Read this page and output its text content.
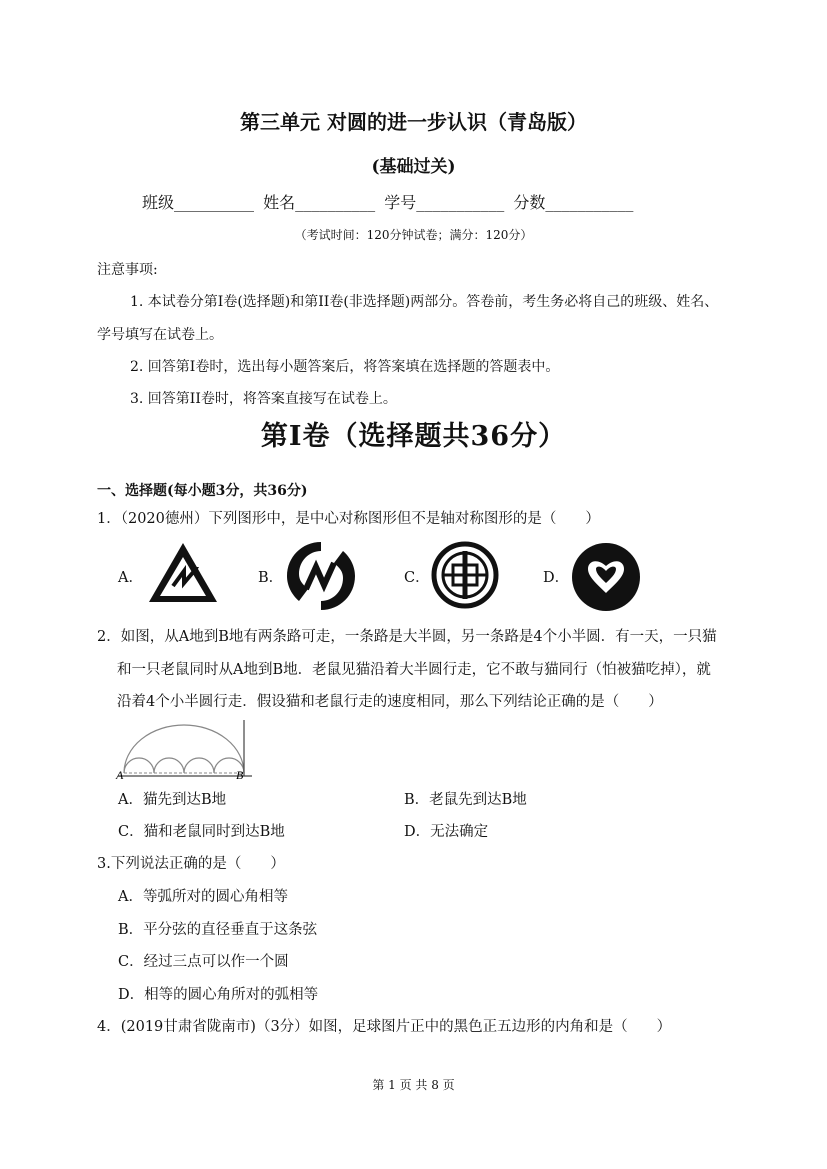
第三单元 对圆的进一步认识（青岛版）
(基础过关)
班级__________ 姓名__________ 学号___________ 分数___________
（考试时间：120分钟试卷；满分：120分）
注意事项:
1. 本试卷分第I卷(选择题)和第II卷(非选择题)两部分。答卷前，考生务必将自己的班级、姓名、
学号填写在试卷上。
2. 回答第I卷时，选出每小题答案后，将答案填在选择题的答题表中。
3. 回答第II卷时，将答案直接写在试卷上。
第I卷（选择题共36分）
一、选择题(每小题3分，共36分)
1．（2020德州）下列图形中，是中心对称图形但不是轴对称图形的是（　　）
A．	B．	C．	D．
2．如图，从A地到B地有两条路可走，一条路是大半圆，另一条路是4个小半圆．有一天，一只猫
和一只老鼠同时从A地到B地．老鼠见猫沿着大半圆行走，它不敢与猫同行（怕被猫吃掉），就
沿着4个小半圆行走．假设猫和老鼠行走的速度相同，那么下列结论正确的是（　　）
A	B
A．猫先到达B地	B．老鼠先到达B地
C．猫和老鼠同时到达B地	D．无法确定
3.下列说法正确的是（　　）
A．等弧所对的圆心角相等
B．平分弦的直径垂直于这条弦
C．经过三点可以作一个圆
D．相等的圆心角所对的弧相等
4．(2019甘肃省陇南市)（3分）如图，足球图片正中的黑色正五边形的内角和是（　　）
第 1 页 共 8 页
